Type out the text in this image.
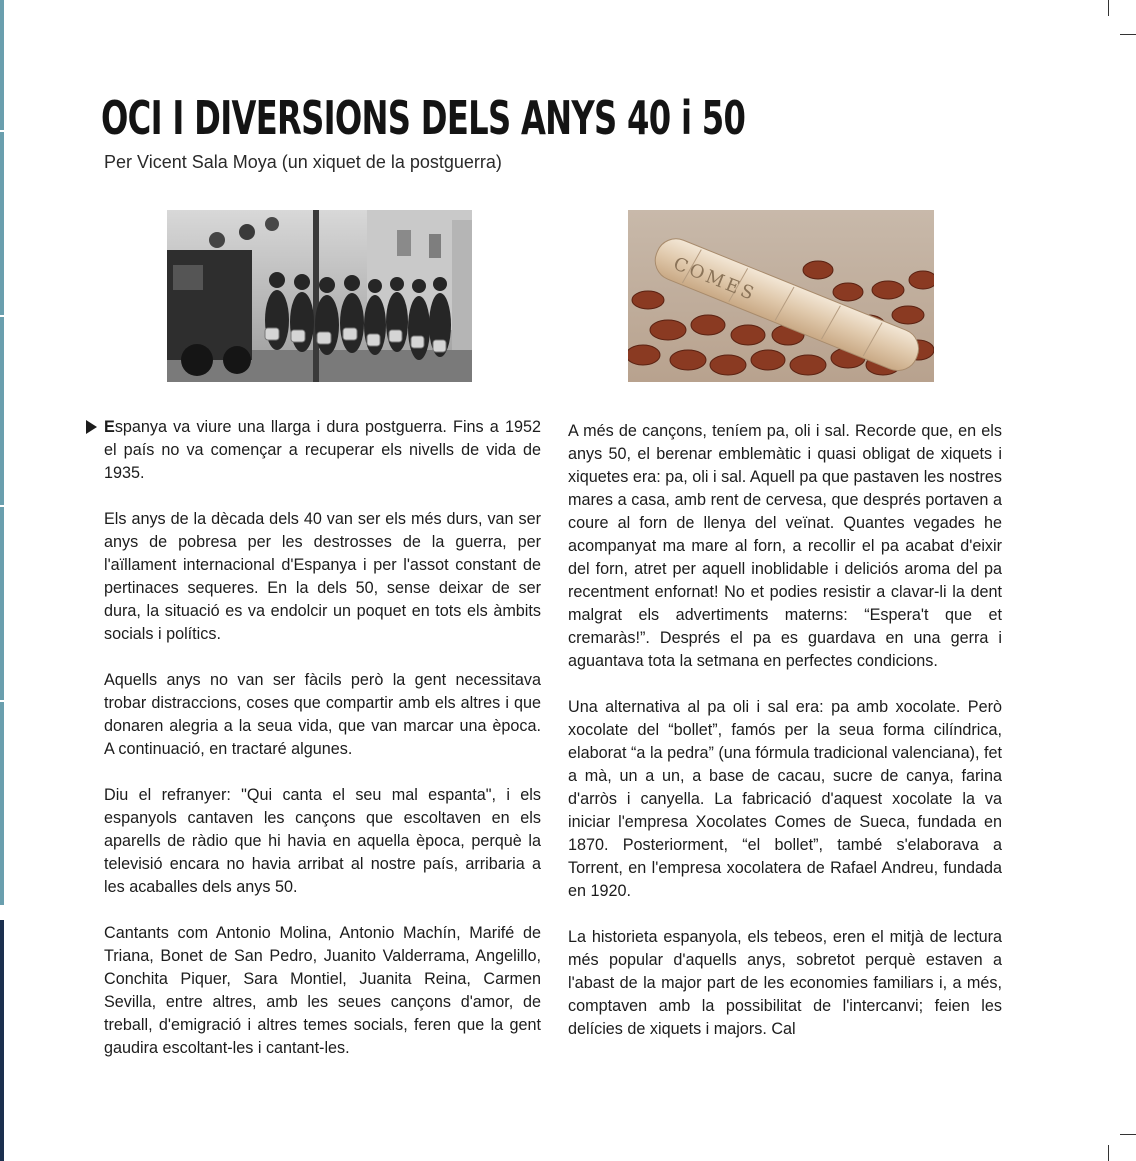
OCI I DIVERSIONS DELS ANYS 40 i 50

Per Vicent Sala Moya (un xiquet de la postguerra)

COMES

Espanya va viure una llarga i dura postguerra. Fins a 1952 el país no va començar a recuperar els nivells de vida de 1935.

Els anys de la dècada dels 40 van ser els més durs, van ser anys de pobresa per les destrosses de la guerra, per l'aïllament internacional d'Espanya i per l'assot constant de pertinaces sequeres. En la dels 50, sense deixar de ser dura, la situació es va endolcir un poquet en tots els àmbits socials i polítics.

Aquells anys no van ser fàcils però la gent necessitava trobar distraccions, coses que compartir amb els altres i que donaren alegria a la seua vida, que van marcar una època. A continuació, en tractaré algunes.

Diu el refranyer: "Qui canta el seu mal espanta", i els espanyols cantaven les cançons que escoltaven en els aparells de ràdio que hi havia en aquella època, perquè la televisió encara no havia arribat al nostre país, arribaria a les acaballes dels anys 50.

Cantants com Antonio Molina, Antonio Machín, Marifé de Triana, Bonet de San Pedro, Juanito Valderrama, Angelillo, Conchita Piquer, Sara Montiel, Juanita Reina, Carmen Sevilla, entre altres, amb les seues cançons d'amor, de treball, d'emigració i altres temes socials, feren que la gent gaudira escoltant-les i cantant-les.

A més de cançons, teníem pa, oli i sal. Recorde que, en els anys 50, el berenar emblemàtic i quasi obligat de xiquets i xiquetes era: pa, oli i sal. Aquell pa que pastaven les nostres mares a casa, amb rent de cervesa, que després portaven a coure al forn de llenya del veïnat. Quantes vegades he acompanyat ma mare al forn, a recollir el pa acabat d'eixir del forn, atret per aquell inoblidable i deliciós aroma del pa recentment enfornat! No et podies resistir a clavar-li la dent malgrat els advertiments materns: “Espera't que et cremaràs!”. Després el pa es guardava en una gerra i aguantava tota la setmana en perfectes condicions.

Una alternativa al pa oli i sal era: pa amb xocolate. Però xocolate del “bollet”, famós per la seua forma cilíndrica, elaborat “a la pedra” (una fórmula tradicional valenciana), fet a mà, un a un, a base de cacau, sucre de canya, farina d'arròs i canyella. La fabricació d'aquest xocolate la va iniciar l'empresa Xocolates Comes de Sueca, fundada en 1870. Posteriorment, “el bollet”, també s'elaborava a Torrent, en l'empresa xocolatera de Rafael Andreu, fundada en 1920.

La historieta espanyola, els tebeos, eren el mitjà de lectura més popular d'aquells anys, sobretot perquè estaven a l'abast de la major part de les economies familiars i, a més, comptaven amb la possibilitat de l'intercanvi; feien les delícies de xiquets i majors. Cal
